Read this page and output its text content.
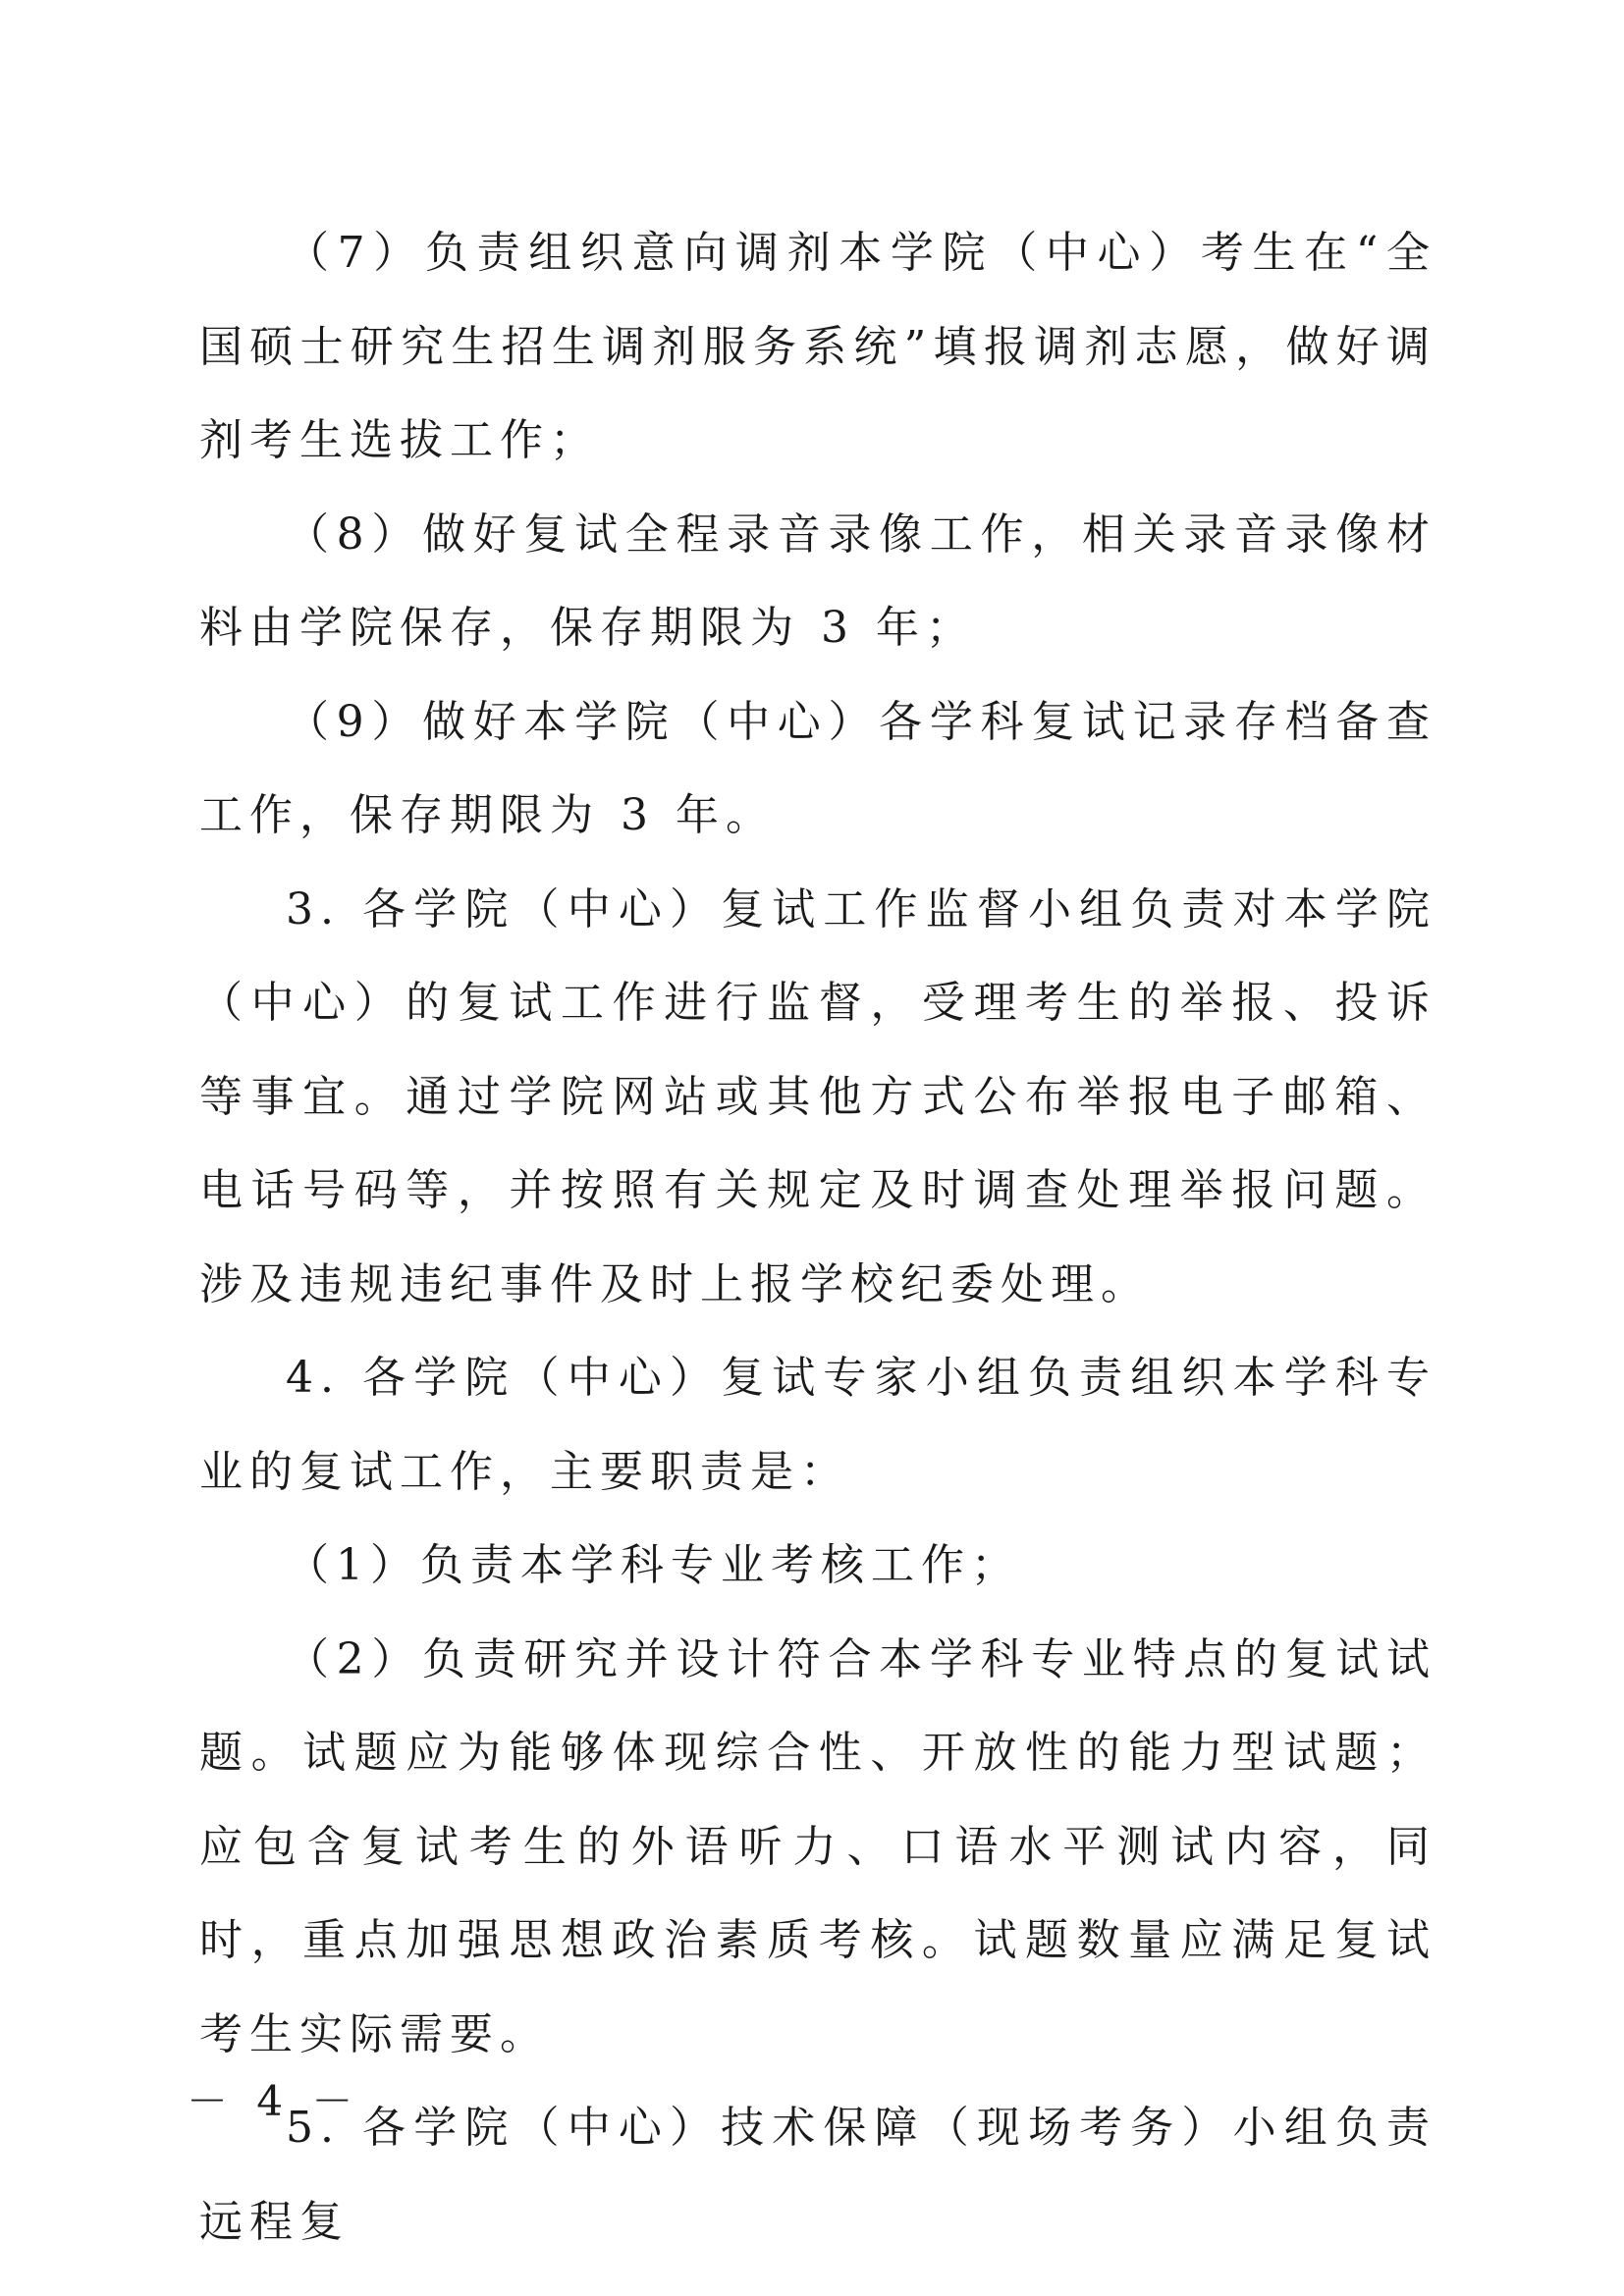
（7）负责组织意向调剂本学院（中心）考生在“全国硕士研究生招生调剂服务系统”填报调剂志愿，做好调剂考生选拔工作；

（8）做好复试全程录音录像工作，相关录音录像材料由学院保存，保存期限为 3 年；

（9）做好本学院（中心）各学科复试记录存档备查工作，保存期限为 3 年。

3. 各学院（中心）复试工作监督小组负责对本学院（中心）的复试工作进行监督，受理考生的举报、投诉等事宜。通过学院网站或其他方式公布举报电子邮箱、电话号码等，并按照有关规定及时调查处理举报问题。涉及违规违纪事件及时上报学校纪委处理。

4. 各学院（中心）复试专家小组负责组织本学科专业的复试工作，主要职责是：

（1）负责本学科专业考核工作；

（2）负责研究并设计符合本学科专业特点的复试试题。试题应为能够体现综合性、开放性的能力型试题；应包含复试考生的外语听力、口语水平测试内容，同时，重点加强思想政治素质考核。试题数量应满足复试考生实际需要。

5. 各学院（中心）技术保障（现场考务）小组负责远程复

－ 4 －
